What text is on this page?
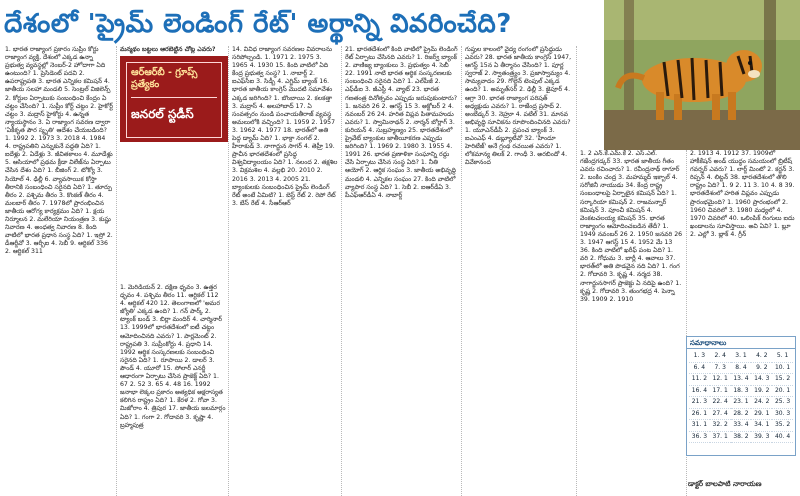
దేశంలో 'ప్రైమ్ లెండింగ్ రేట్' అర్థాన్ని వివరించేది?

1. భారత రాజ్యాంగ ప్రకారం సుప్రీం కోర్టు రాజ్యాంగ వ్యక్తి, దేశంలో ఎక్కడ ఉన్నా ప్రభుత్వ వ్యవస్థల్లో నెంబర్-2 హోదాగా ఏది ఉంటుంది? 1. ప్రెసిడెంట్ పదవి 2. ఉపరాష్ట్రపతి 3. భారత ఎన్నికల కమిషన్ 4. జాతీయ సలహా మండలి 5. సెంట్రల్ విజిలెన్స్ 2. కోర్టుల ఏర్పాటుకు సంబంధించి కేంద్రం ఏ చట్టం చేసింది? 1. సుప్రీం కోర్ట్ చట్టం 2. హైకోర్ట్ చట్టం 3. మద్రాస్ హైకోర్టు 4. ఉన్నత న్యాయస్థానం 3. ఏ రాజ్యాంగ సవరణ ద్వారా 'ఏకీకృత పౌర స్మృతి' ఆదేశం చేయబడింది? 1. 1992 2. 1973 3. 2018 4. 1984 4. రాష్ట్రపతిని ఎన్నుకునే పద్ధతి ఏది? 1. ఐదేళ్లు 2. ఏడేళ్లు 3. జీవితకాలం 4. మూడేళ్లు 5. ఆసియాలో ప్రథమ క్రీడా విలేజ్‌ను ఏర్పాటు చేసిన దేశం ఏది? 1. బీజింగ్ 2. టోక్యో 3. సియోల్ 4. ఢిల్లీ 6. వ్యావసాయిక కోస్తా తీరానికి సంబంధించి సరైనది ఏది? 1. తూర్పు తీరం 2. పశ్చిమ తీరం 3. కొంకణ్ తీరం 4. మలబార్ తీరం 7. 1978లో ప్రారంభించిన జాతీయ ఆరోగ్య కార్యక్రమం ఏది? 1. క్షయ నిర్మూలన 2. మలేరియా నియంత్రణ 3. కుష్టు నివారణ 4. అంధత్వ నివారణ 8. కింది వాటిలో భారత ప్రధాన సంస్థ ఏది? 1. ఇస్రో 2. డీఆర్డీవో 3. ఆర్బీఐ 4. సెబీ 9. ఆర్టికల్ 336 2. ఆర్టికల్ 311

మన్మథం బట్టలు ఆరబెట్టిన చోట్ల ఎవరు?

1. మెరిడియన్ 2. దక్షిణ ధృవం 3. ఉత్తర ధృవం 4. పశ్చిమ తీరం 11. ఆర్టికల్ 112 4. ఆర్టికల్ 420 12. తెలంగాణలో 'అమర జ్యోతి' ఎక్కడ ఉంది? 1. గన్ పార్క్ 2. ట్యాంక్ బండ్ 3. బిర్లా మందిర్ 4. చార్మినార్ 13. 1999లో భారతదేశంలో ఐటీ చట్టం ఆమోదించినది ఎవరు? 1. పార్లమెంట్ 2. రాష్ట్రపతి 3. సుప్రీంకోర్టు 4. ప్రధాని 14. 1992 ఆర్థిక సంస్కరణలకు సంబంధించి సరైనది ఏది? 1. రూపాయి 2. డాలర్ 3. పౌండ్ 4. యూరో 15. సోలార్ ఎనర్జీ ఆధారంగా ఏర్పాటు చేసిన ప్రాజెక్ట్ ఏది? 1. 67 2. 52 3. 65 4. 48 16. 1992 జనాభా లెక్కల ప్రకారం అత్యధిక అక్షరాస్యత కలిగిన రాష్ట్రం ఏది? 1. కేరళ 2. గోవా 3. మిజోరాం 4. త్రిపుర 17. జాతీయ జలమార్గం ఏది? 1. గంగా 2. గోదావరి 3. కృష్ణా 4. బ్రహ్మపుత్ర

14. వివిధ రాజ్యాంగ సవరణల వివరాలను సరిపోల్చండి. 1. 1971 2. 1975 3. 1965 4. 1930 15. కింది వాటిలో ఏది కేంద్ర ప్రభుత్వ సంస్థ? 1. నాబార్డ్ 2. ఐఎఫ్‌సీఐ 3. సిడ్బీ 4. ఎగ్జిమ్ బ్యాంక్ 16. భారత జాతీయ కాంగ్రెస్ మొదటి సమావేశం ఎక్కడ జరిగింది? 1. బొంబాయి 2. కలకత్తా 3. మద్రాస్ 4. అలహాబాద్ 17. ఏ సంవత్సరం నుండి పంచాయతీరాజ్ వ్యవస్థ అమలులోకి వచ్చింది? 1. 1959 2. 1957 3. 1962 4. 1977 18. భారత్‌లో అతి పెద్ద డ్యామ్ ఏది? 1. భాక్రా నంగల్ 2. హీరాకుడ్ 3. నాగార్జున సాగర్ 4. తెహ్రీ 19. ప్రాచీన భారతదేశంలో ప్రసిద్ధ విశ్వవిద్యాలయం ఏది? 1. నలంద 2. తక్షశిల 3. విక్రమశిల 4. వల్లభి 20. 2010 2. 2016 3. 2013 4. 2005 21. బ్యాంకులకు సంబంధించిన ప్రైమ్ లెండింగ్ రేట్ అంటే ఏమిటి? 1. బెస్ట్ రేట్ 2. రెపో రేట్ 3. బేస్ రేట్ 4. సీఆర్ఆర్

21. భారతదేశంలో కింది వాటిలో ప్రైమ్ లెండింగ్ రేట్ ఏర్పాటు చేసినది ఎవరు? 1. రిజర్వ్ బ్యాంక్ 2. వాణిజ్య బ్యాంకులు 3. ప్రభుత్వం 4. సెబీ 22. 1991 నాటి భారత ఆర్థిక సంస్కరణలకు సంబంధించి సరైనది ఏది? 1. ఎల్‌పీజీ 2. ఎఫ్‌డీఐ 3. జీఎస్టీ 4. వ్యాట్ 23. భారత గణతంత్ర దినోత్సవం ఎప్పుడు జరుపుకుంటారు? 1. జనవరి 26 2. ఆగస్ట్ 15 3. అక్టోబర్ 2 4. నవంబర్ 26 24. హరిత విప్లవ పితామహుడు ఎవరు? 1. స్వామినాథన్ 2. నార్మన్ బోర్లాగ్ 3. కురియన్ 4. సుబ్రహ్మణ్యం 25. భారతదేశంలో ప్రైవేట్ బ్యాంకుల జాతీయీకరణ ఎప్పుడు జరిగింది? 1. 1969 2. 1980 3. 1955 4. 1991 26. భారత ప్రణాళికా సంఘాన్ని రద్దు చేసి ఏర్పాటు చేసిన సంస్థ ఏది? 1. నీతి ఆయోగ్ 2. ఆర్థిక సంఘం 3. జాతీయ అభివృద్ధి మండలి 4. ఎన్నికల సంఘం 27. కింది వాటిలో వ్యాపార సంస్థ ఏది? 1. సెబీ 2. ఐఆర్‌డీఏ 3. పీఎఫ్ఆర్‌డీఏ 4. నాబార్డ్

గుప్తుల కాలంలో వైద్య రంగంలో ప్రసిద్ధుడు ఎవరు? 28. భారత జాతీయ కాంగ్రెస్ 1947, ఆగస్ట్ 15న ఏ తీర్మానం చేసింది? 1. పూర్ణ స్వరాజ్ 2. స్వాతంత్ర్యం 3. ప్రజాస్వామ్యం 4. సామ్యవాదం 29. గోల్డెన్ టెంపుల్ ఎక్కడ ఉంది? 1. అమృత్‌సర్ 2. ఢిల్లీ 3. జైపూర్ 4. ఆగ్రా 30. భారత రాజ్యాంగ పరిషత్ అధ్యక్షుడు ఎవరు? 1. రాజేంద్ర ప్రసాద్ 2. అంబేడ్కర్ 3. నెహ్రూ 4. పటేల్ 31. మానవ అభివృద్ధి సూచికను రూపొందించినది ఎవరు? 1. యూఎన్‌డీపీ 2. ప్రపంచ బ్యాంక్ 3. ఐఎంఎఫ్ 4. డబ్ల్యూటీవో 32. 'హిందూ హెరిటేజ్' అనే గ్రంథ రచయిత ఎవరు? 1. లోకమాన్య తిలక్ 2. గాంధీ 3. అరబిందో 4. వివేకానంద

1. 2 ఎన్.కే.ఎమ్.కే 2. ఎస్.ఎల్. గజేంద్రగడ్కర్ 33. భారత జాతీయ గీతం ఎవరు రచించారు? 1. రవీంద్రనాథ్ ఠాగూర్ 2. బంకిం చంద్ర 3. మహమ్మద్ ఇక్బాల్ 4. సరోజినీ నాయుడు 34. కేంద్ర రాష్ట్ర సంబంధాలపై ఏర్పాటైన కమిషన్ ఏది? 1. సర్కారియా కమిషన్ 2. రాజమన్నార్ కమిషన్ 3. పూంచీ కమిషన్ 4. వెంకటచలయ్య కమిషన్ 35. భారత రాజ్యాంగం ఆమోదించబడిన తేదీ? 1. 1949 నవంబర్ 26 2. 1950 జనవరి 26 3. 1947 ఆగస్ట్ 15 4. 1952 మే 13 36. కింది వాటిలో ఖరీఫ్ పంట ఏది? 1. వరి 2. గోధుమ 3. బార్లీ 4. ఆవాలు 37. భారత్‌లో అతి పొడవైన నది ఏది? 1. గంగ 2. గోదావరి 3. కృష్ణ 4. నర్మద 38. నాగార్జునసాగర్ ప్రాజెక్టు ఏ నదిపై ఉంది? 1. కృష్ణ 2. గోదావరి 3. తుంగభద్ర 4. పెన్నా 39. 1909 2. 1910

2. 1913 4. 1912 37. 1909లో హాకీకేషన్ అండ్ యుద్ధం సమయంలో బ్రిటీష్ గవర్నర్ ఎవరు? 1. లార్డ్ మింటో 2. కర్జన్ 3. రిప్పన్ 4. లిట్టన్ 38. భారతదేశంలో తొలి రాష్ట్రం ఏది? 1. 9 2. 11 3. 10 4. 8 39. భారతదేశంలో హరిత విప్లవం ఎప్పుడు ప్రారంభమైంది? 1. 1960 ప్రారంభంలో 2. 1960 చివరిలో 3. 1980 మధ్యలో 4. 1970 చివరిలో 40. ఒలింపిక్ రింగులు ఐదు ఖండాలను సూచిస్తాయి. అవి ఏవి? 1. బ్లూ 2. ఎల్లో 3. బ్లాక్ 4. గ్రీన్

ఆర్ఆర్‌బీ - గ్రూప్స్ ప్రత్యేకం
జనరల్ స్టడీస్
సమాధానాలు
1. 3	2. 4	3. 1	4. 2	5. 1
6. 4	7. 3	8. 4	9. 2	10. 1
11. 2 12. 1 13. 4 14. 3 15. 2
16. 4 17. 1 18. 3 19. 2 20. 1
21. 3 22. 4 23. 1 24. 2 25. 3
26. 1 27. 4 28. 2 29. 1 30. 3
31. 1 32. 2 33. 4 34. 1 35. 2
36. 3 37. 1 38. 2 39. 3 40. 4
డాక్టర్ బాలపాటి నారాయణ
